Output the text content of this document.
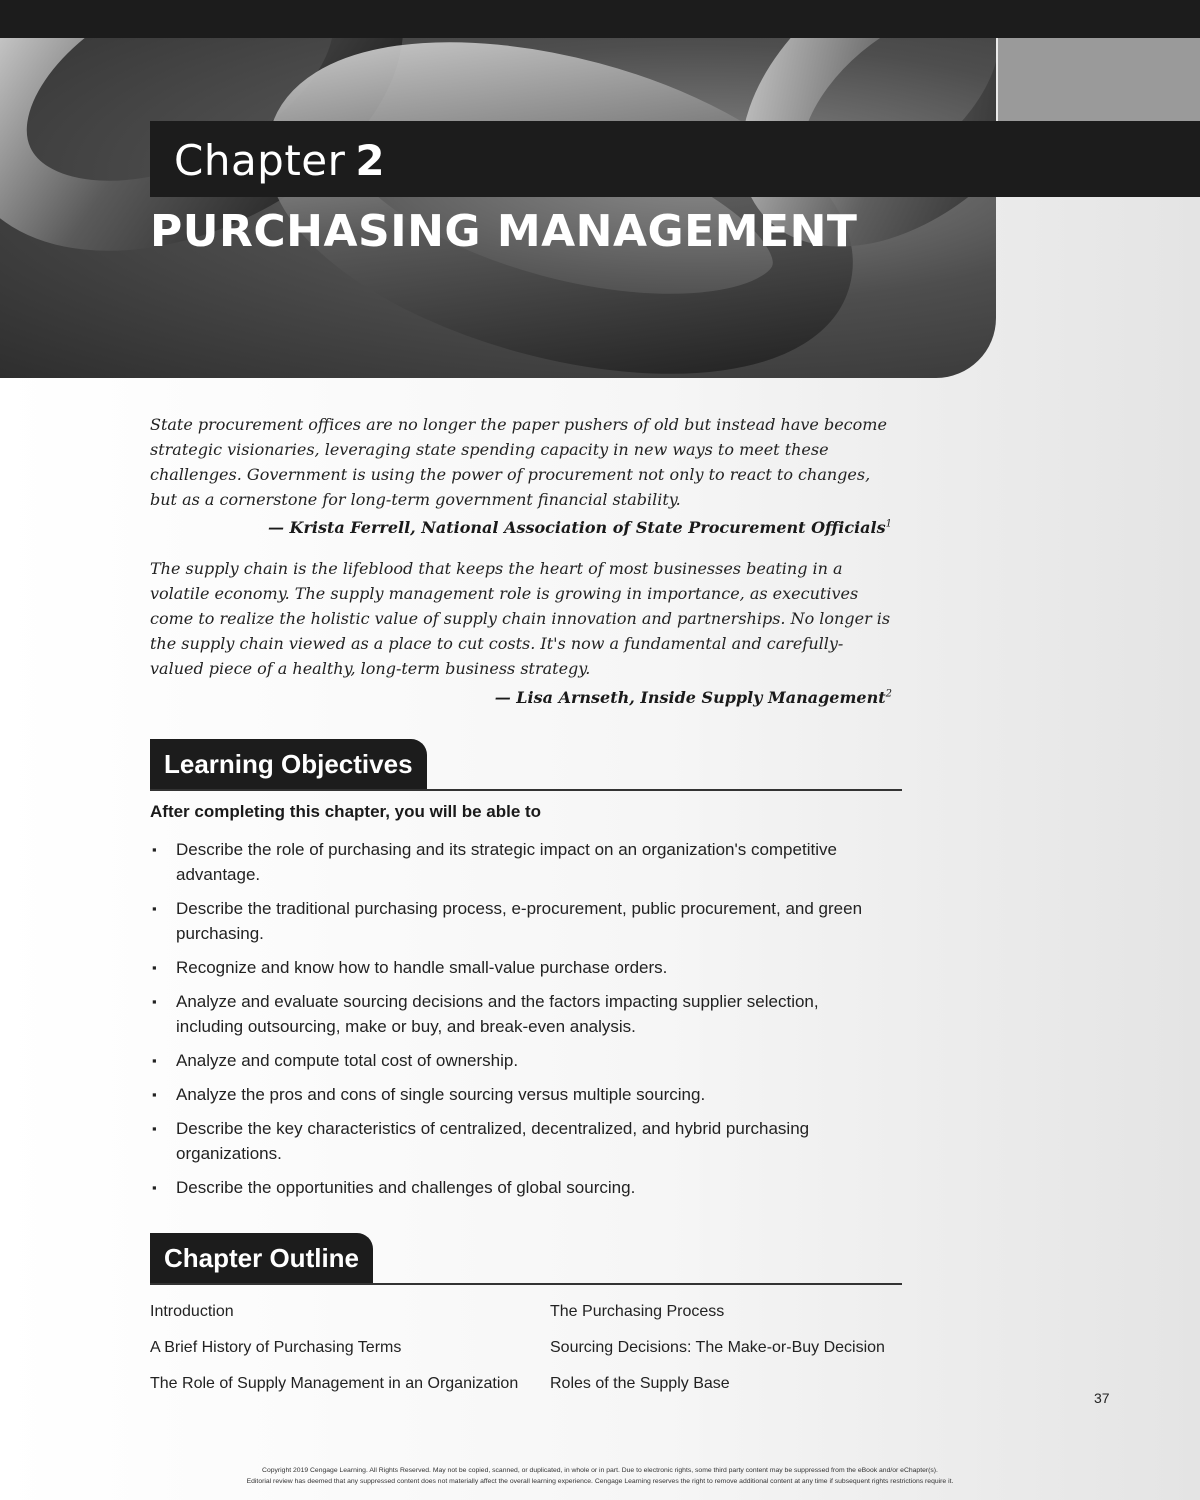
Chapter 2
PURCHASING MANAGEMENT

State procurement offices are no longer the paper pushers of old but instead have become strategic visionaries, leveraging state spending capacity in new ways to meet these challenges. Government is using the power of procurement not only to react to changes, but as a cornerstone for long-term government financial stability.

— Krista Ferrell, National Association of State Procurement Officials$^1$

The supply chain is the lifeblood that keeps the heart of most businesses beating in a volatile economy. The supply management role is growing in importance, as executives come to realize the holistic value of supply chain innovation and partnerships. No longer is the supply chain viewed as a place to cut costs. It's now a fundamental and carefully-valued piece of a healthy, long-term business strategy.

— Lisa Arnseth, Inside Supply Management$^2$

Learning Objectives

After completing this chapter, you will be able to

▪ Describe the role of purchasing and its strategic impact on an organization's competitive advantage.
▪ Describe the traditional purchasing process, e-procurement, public procurement, and green purchasing.
▪ Recognize and know how to handle small-value purchase orders.
▪ Analyze and evaluate sourcing decisions and the factors impacting supplier selection, including outsourcing, make or buy, and break-even analysis.
▪ Analyze and compute total cost of ownership.
▪ Analyze the pros and cons of single sourcing versus multiple sourcing.
▪ Describe the key characteristics of centralized, decentralized, and hybrid purchasing organizations.
▪ Describe the opportunities and challenges of global sourcing.
Chapter Outline
Introduction
A Brief History of Purchasing Terms
The Role of Supply Management in an Organization
The Purchasing Process
Sourcing Decisions: The Make-or-Buy Decision
Roles of the Supply Base
37

Copyright 2019 Cengage Learning. All Rights Reserved. May not be copied, scanned, or duplicated, in whole or in part. Due to electronic rights, some third party content may be suppressed from the eBook and/or eChapter(s).
Editorial review has deemed that any suppressed content does not materially affect the overall learning experience. Cengage Learning reserves the right to remove additional content at any time if subsequent rights restrictions require it.
